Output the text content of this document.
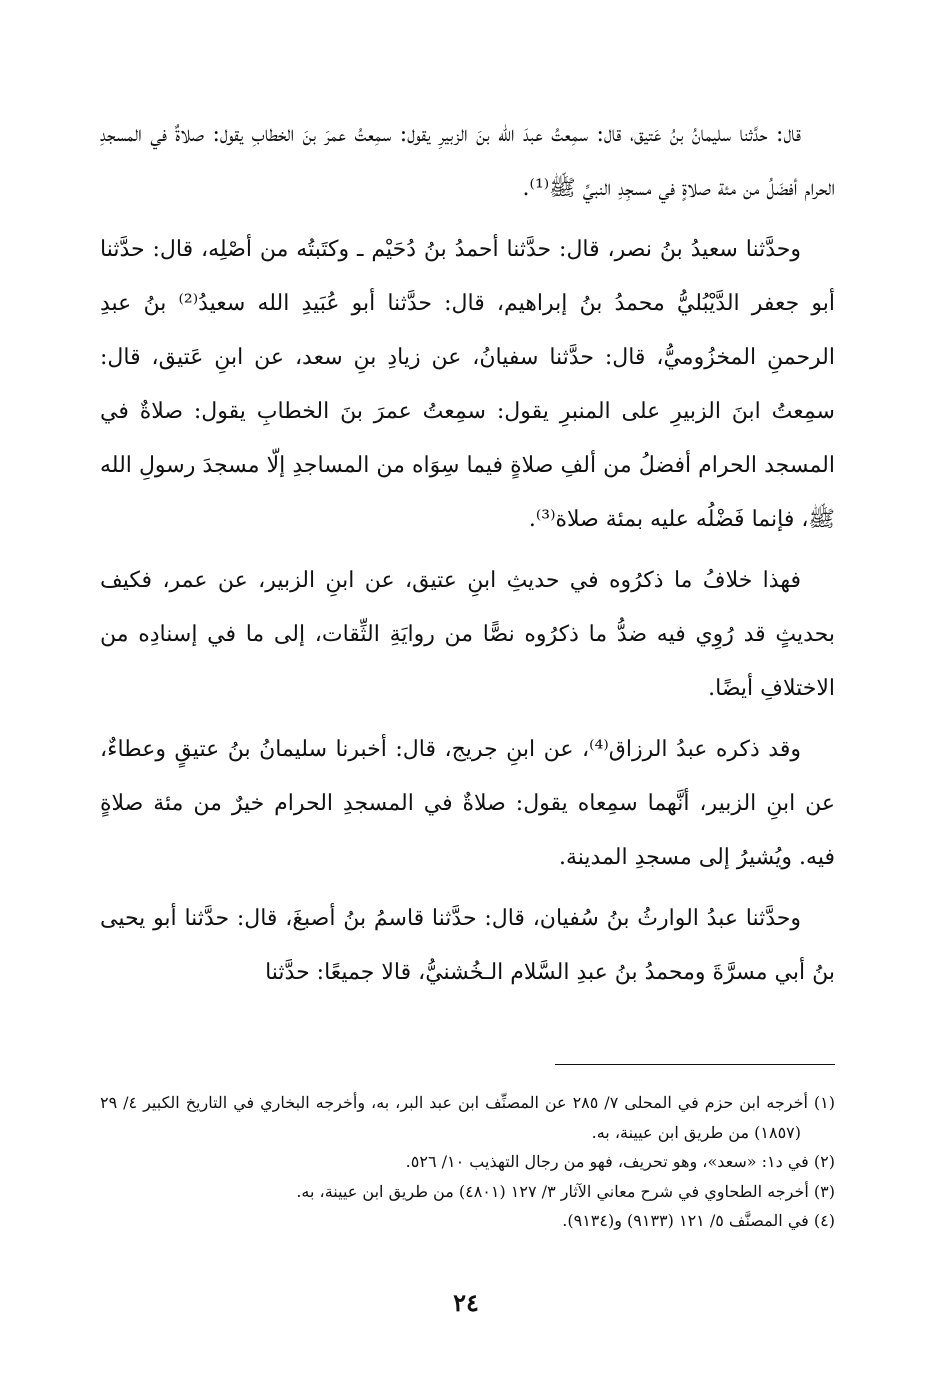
قال: حدَّثنا سليمانُ بنُ عَتيق، قال: سمِعتُ عبدَ الله بنَ الزبيرِ يقول: سمِعتُ عمرَ بنَ الخطابِ يقول: صلاةٌ في المسجدِ الحرام أفضَلُ من مئة صلاةٍ في مسجِدِ النبيِّ ﷺ⁽¹⁾.

وحدَّثنا سعيدُ بنُ نصر، قال: حدَّثنا أحمدُ بنُ دُحَيْم ـ وكتَبتُه من أصْلِه، قال: حدَّثنا أبو جعفر الدَّيْبُليُّ محمدُ بنُ إبراهيم، قال: حدَّثنا أبو عُبَيدِ الله سعيدُ⁽²⁾ بنُ عبدِ الرحمنِ المخزُوميُّ، قال: حدَّثنا سفيانُ، عن زيادِ بنِ سعد، عن ابنِ عَتيق، قال: سمِعتُ ابنَ الزبيرِ على المنبرِ يقول: سمِعتُ عمرَ بنَ الخطابِ يقول: صلاةٌ في المسجد الحرام أفضلُ من ألفِ صلاةٍ فيما سِوَاه من المساجدِ إلّا مسجدَ رسولِ الله ﷺ، فإنما فَضْلُه عليه بمئة صلاة⁽³⁾.

فهذا خلافُ ما ذكرُوه في حديثِ ابنِ عتيق، عن ابنِ الزبير، عن عمر، فكيف بحديثٍ قد رُوِي فيه ضدُّ ما ذكرُوه نصًّا من روايَةِ الثِّقات، إلى ما في إسنادِه من الاختلافِ أيضًا.

وقد ذكره عبدُ الرزاق⁽⁴⁾، عن ابنِ جريج، قال: أخبرنا سليمانُ بنُ عتيقٍ وعطاءٌ، عن ابنِ الزبير، أنَّهما سمِعاه يقول: صلاةٌ في المسجدِ الحرام خيرٌ من مئة صلاةٍ فيه. ويُشيرُ إلى مسجدِ المدينة.

وحدَّثنا عبدُ الوارثُ بنُ سُفيان، قال: حدَّثنا قاسمُ بنُ أصبغَ، قال: حدَّثنا أبو يحيى بنُ أبي مسرَّةَ ومحمدُ بنُ عبدِ السَّلام الـخُشنيُّ، قالا جميعًا: حدَّثنا

(١) أخرجه ابن حزم في المحلى ٧/ ٢٨٥ عن المصنِّف ابن عبد البر، به، وأخرجه البخاري في التاريخ الكبير ٤/ ٢٩ (١٨٥٧) من طريق ابن عيينة، به.

(٢) في د١: «سعد»، وهو تحريف، فهو من رجال التهذيب ١٠/ ٥٢٦.

(٣) أخرجه الطحاوي في شرح معاني الآثار ٣/ ١٢٧ (٤٨٠١) من طريق ابن عيينة، به.

(٤) في المصنَّف ٥/ ١٢١ (٩١٣٣) و(٩١٣٤).

٢٤
